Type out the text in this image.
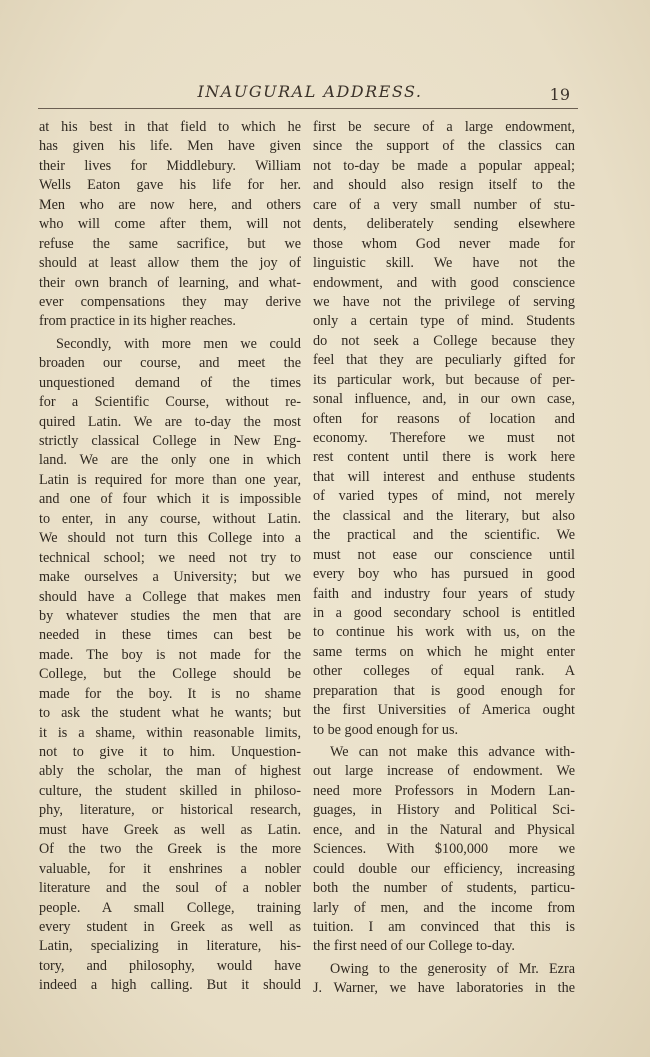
INAUGURAL ADDRESS.	19
at his best in that field to which he
has given his life. Men have given
their lives for Middlebury. William
Wells Eaton gave his life for her.
Men who are now here, and others
who will come after them, will not
refuse the same sacrifice, but we
should at least allow them the joy of
their own branch of learning, and what-
ever compensations they may derive
from practice in its higher reaches.
Secondly, with more men we could
broaden our course, and meet the
unquestioned demand of the times
for a Scientific Course, without re-
quired Latin. We are to-day the most
strictly classical College in New Eng-
land. We are the only one in which
Latin is required for more than one year,
and one of four which it is impossible
to enter, in any course, without Latin.
We should not turn this College into a
technical school; we need not try to
make ourselves a University; but we
should have a College that makes men
by whatever studies the men that are
needed in these times can best be
made. The boy is not made for the
College, but the College should be
made for the boy. It is no shame
to ask the student what he wants; but
it is a shame, within reasonable limits,
not to give it to him. Unquestion-
ably the scholar, the man of highest
culture, the student skilled in philoso-
phy, literature, or historical research,
must have Greek as well as Latin.
Of the two the Greek is the more
valuable, for it enshrines a nobler
literature and the soul of a nobler
people. A small College, training
every student in Greek as well as
Latin, specializing in literature, his-
tory, and philosophy, would have
indeed a high calling. But it should
first be secure of a large endowment,
since the support of the classics can
not to-day be made a popular appeal;
and should also resign itself to the
care of a very small number of stu-
dents, deliberately sending elsewhere
those whom God never made for
linguistic skill. We have not the
endowment, and with good conscience
we have not the privilege of serving
only a certain type of mind. Students
do not seek a College because they
feel that they are peculiarly gifted for
its particular work, but because of per-
sonal influence, and, in our own case,
often for reasons of location and
economy. Therefore we must not
rest content until there is work here
that will interest and enthuse students
of varied types of mind, not merely
the classical and the literary, but also
the practical and the scientific. We
must not ease our conscience until
every boy who has pursued in good
faith and industry four years of study
in a good secondary school is entitled
to continue his work with us, on the
same terms on which he might enter
other colleges of equal rank. A
preparation that is good enough for
the first Universities of America ought
to be good enough for us.
We can not make this advance with-
out large increase of endowment. We
need more Professors in Modern Lan-
guages, in History and Political Sci-
ence, and in the Natural and Physical
Sciences. With $100,000 more we
could double our efficiency, increasing
both the number of students, particu-
larly of men, and the income from
tuition. I am convinced that this is
the first need of our College to-day.
Owing to the generosity of Mr. Ezra
J. Warner, we have laboratories in the
